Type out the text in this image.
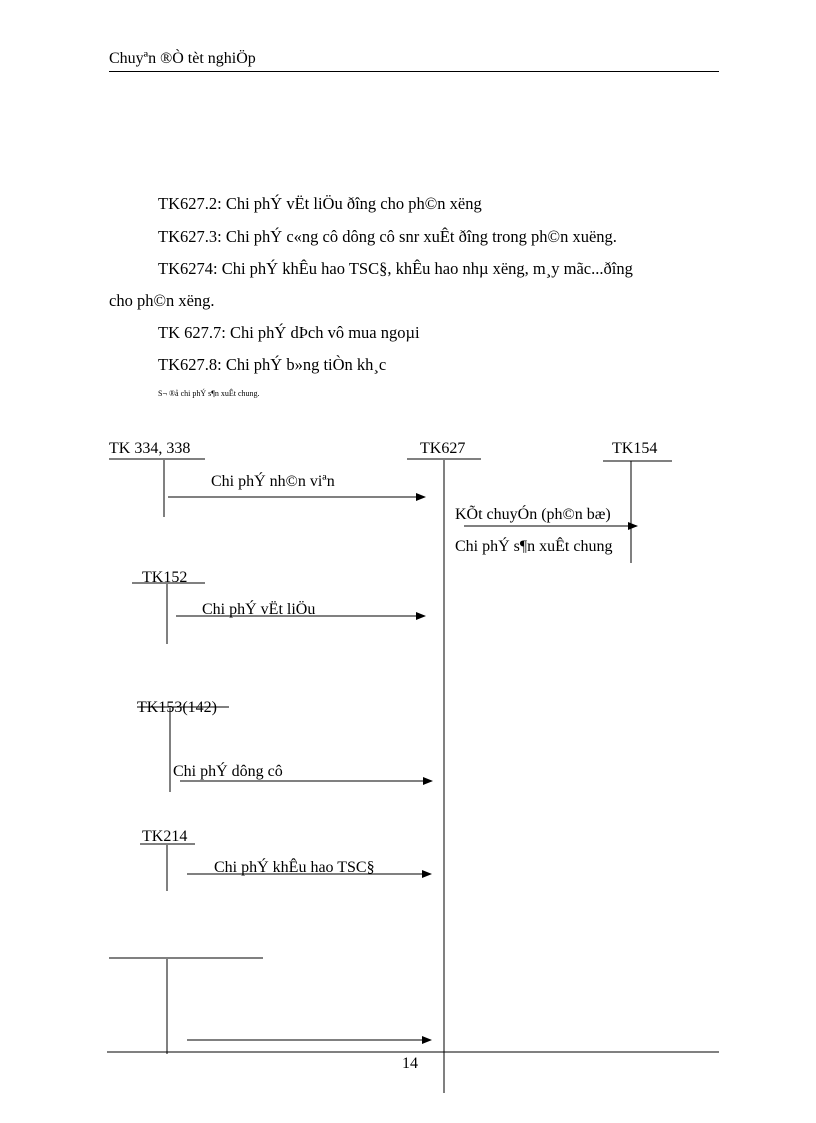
Chuyªn ®Ò tèt nghiÖp
TK627.2: Chi phÝ vËt liÖu ðîng cho ph©n xëng
TK627.3: Chi phÝ c«ng cô dông cô snr xuÊt ðîng trong ph©n xuëng.
TK6274: Chi phÝ khÊu hao TSC§, khÊu hao nhµ xëng, m¸y mãc...ðîng
cho ph©n xëng.
TK 627.7: Chi phÝ dÞch vô mua ngoµi
TK627.8: Chi phÝ b»ng tiÒn kh¸c
S¬ ®å chi phÝ s¶n xuÊt chung.
TK 334, 338	TK627	TK154
Chi phÝ nh©n viªn
KÕt chuyÓn (ph©n bæ)
Chi phÝ s¶n xuÊt chung
TK152
Chi phÝ vËt liÖu
TK153(142)
Chi phÝ dông cô
TK214
Chi phÝ khÊu hao TSC§
14
